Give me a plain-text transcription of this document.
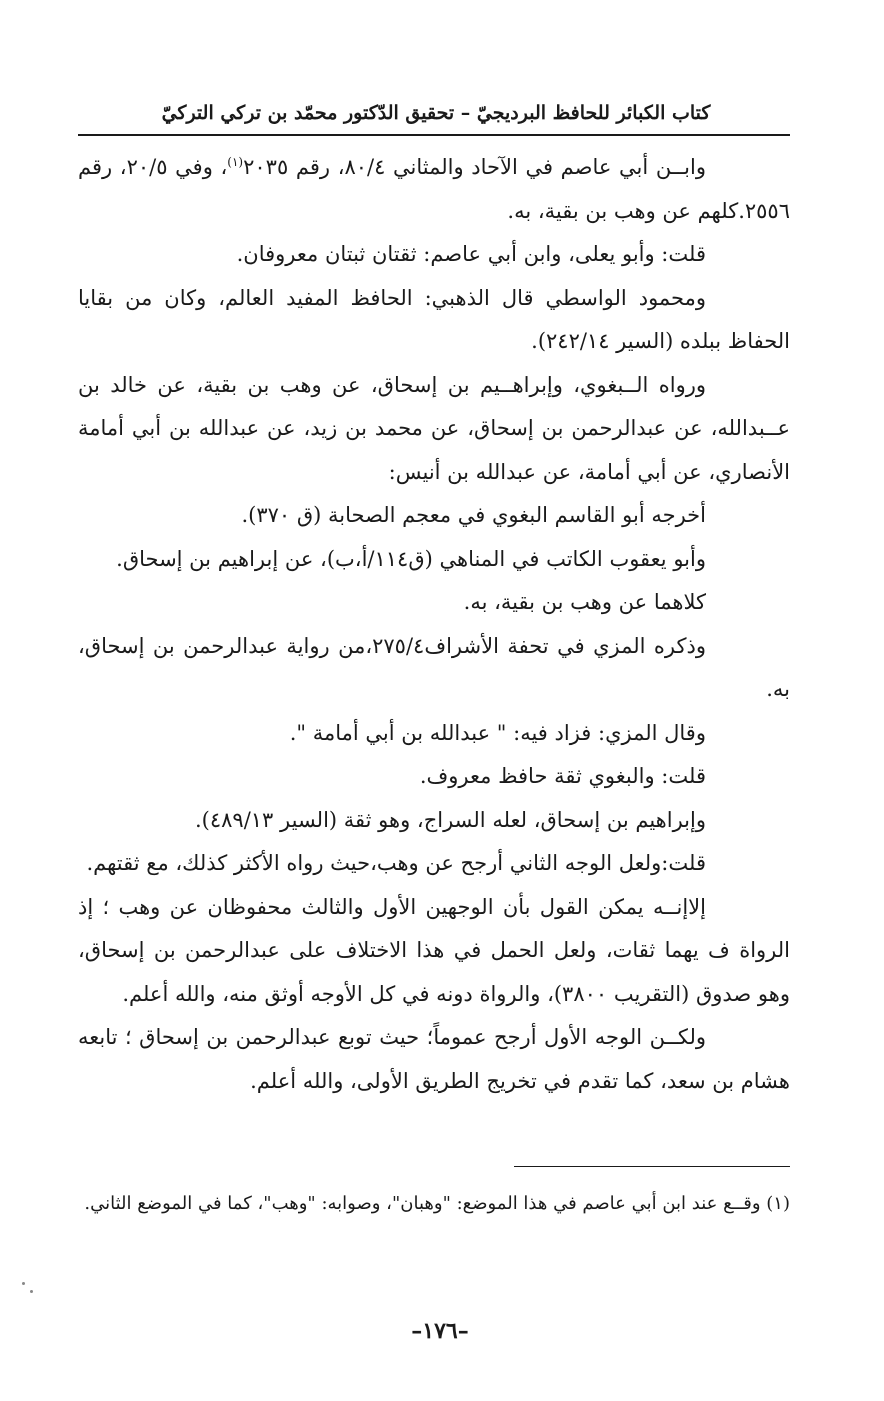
كتاب الكبائر للحافظ البرديجيّ – تحقيق الدّكتور محمّد بن تركي التركيّ

وابــن أبي عاصم في الآحاد والمثاني ٨٠/٤، رقم ٢٠٣٥$^{(١)}$، وفي ٢٠/٥، رقم ٢٥٥٦.كلهم عن وهب بن بقية، به.

قلت: وأبو يعلى، وابن أبي عاصم: ثقتان ثبتان معروفان.

ومحمود الواسطي قال الذهبي: الحافظ المفيد العالم، وكان من بقايا الحفاظ ببلده (السير ٢٤٢/١٤).

ورواه الــبغوي، وإبراهــيم بن إسحاق، عن وهب بن بقية، عن خالد بن عــبدالله، عن عبدالرحمن بن إسحاق، عن محمد بن زيد، عن عبدالله بن أبي أمامة الأنصاري، عن أبي أمامة، عن عبدالله بن أنيس:

أخرجه أبو القاسم البغوي في معجم الصحابة (ق ٣٧٠).

وأبو يعقوب الكاتب في المناهي (ق١١٤/أ،ب)، عن إبراهيم بن إسحاق.

كلاهما عن وهب بن بقية، به.

وذكره المزي في تحفة الأشراف٢٧٥/٤،من رواية عبدالرحمن بن إسحاق، به.

وقال المزي: فزاد فيه: " عبدالله بن أبي أمامة ".

قلت: والبغوي ثقة حافظ معروف.

وإبراهيم بن إسحاق، لعله السراج، وهو ثقة (السير ٤٨٩/١٣).

قلت:ولعل الوجه الثاني أرجح عن وهب،حيث رواه الأكثر كذلك، مع ثقتهم.

إلاإنــه يمكن القول بأن الوجهين الأول والثالث محفوظان عن وهب ؛ إذ الرواة ف يهما ثقات، ولعل الحمل في هذا الاختلاف على عبدالرحمن بن إسحاق، وهو صدوق (التقريب ٣٨٠٠)، والرواة دونه في كل الأوجه أوثق منه، والله أعلم.

ولكــن الوجه الأول أرجح عموماً؛ حيث توبع عبدالرحمن بن إسحاق ؛ تابعه هشام بن سعد، كما تقدم في تخريج الطريق الأولى، والله أعلم.

(١) وقــع عند ابن أبي عاصم في هذا الموضع: "وهبان"، وصوابه: "وهب"، كما في الموضع الثاني.
–١٧٦–
